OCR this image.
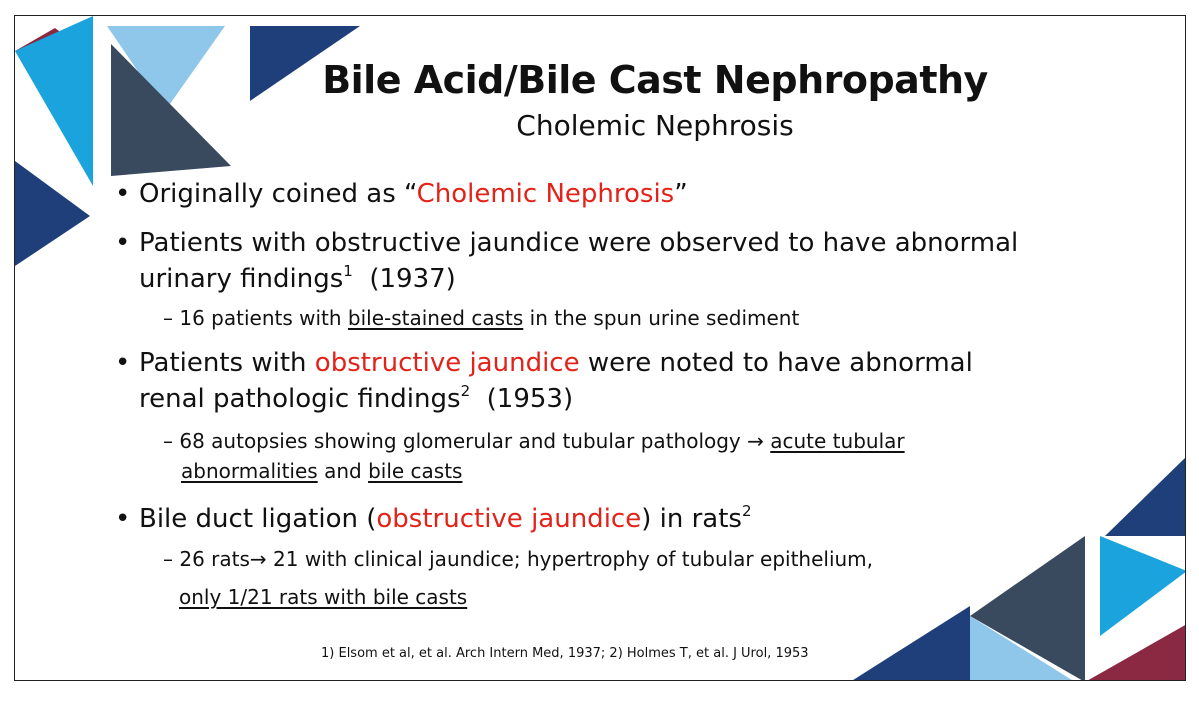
Bile Acid/Bile Cast Nephropathy
Cholemic Nephrosis
• Originally coined as “Cholemic Nephrosis”
• Patients with obstructive jaundice were observed to have abnormal
urinary findings$^1$  (1937)
– 16 patients with bile-stained casts in the spun urine sediment
• Patients with obstructive jaundice were noted to have abnormal
renal pathologic findings$^2$  (1953)
– 68 autopsies showing glomerular and tubular pathology → acute tubular
abnormalities and bile casts
• Bile duct ligation (obstructive jaundice) in rats$^2$
– 26 rats→ 21 with clinical jaundice; hypertrophy of tubular epithelium,
only 1/21 rats with bile casts
1) Elsom et al, et al. Arch Intern Med, 1937; 2) Holmes T, et al. J Urol, 1953
